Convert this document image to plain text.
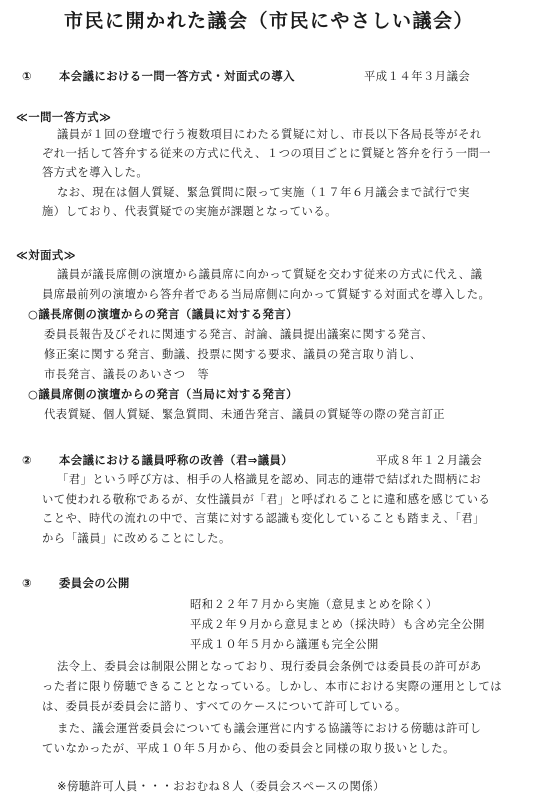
市民に開かれた議会（市民にやさしい議会）
① 本会議における一問一答方式・対面式の導入	平成１４年３月議会
≪一問一答方式≫
議員が１回の登壇で行う複数項目にわたる質疑に対し、市長以下各局長等がそれ
ぞれ一括して答弁する従来の方式に代え、１つの項目ごとに質疑と答弁を行う一問一
答方式を導入した。
なお、現在は個人質疑、緊急質問に限って実施（１７年６月議会まで試行で実
施）しており、代表質疑での実施が課題となっている。
≪対面式≫
議員が議長席側の演壇から議員席に向かって質疑を交わす従来の方式に代え、議
員席最前列の演壇から答弁者である当局席側に向かって質疑する対面式を導入した。
○議長席側の演壇からの発言（議員に対する発言）
委員長報告及びそれに関連する発言、討論、議員提出議案に関する発言、
修正案に関する発言、動議、投票に関する要求、議員の発言取り消し、
市長発言、議長のあいさつ　等
○議員席側の演壇からの発言（当局に対する発言）
代表質疑、個人質疑、緊急質問、未通告発言、議員の質疑等の際の発言訂正
② 本会議における議員呼称の改善（君⇒議員）	平成８年１２月議会
「君」という呼び方は、相手の人格識見を認め、同志的連帯で結ばれた間柄にお
いて使われる敬称であるが、女性議員が「君」と呼ばれることに違和感を感じている
ことや、時代の流れの中で、言葉に対する認識も変化していることも踏まえ、「君」
から「議員」に改めることにした。
③ 委員会の公開
昭和２２年７月から実施（意見まとめを除く）
平成２年９月から意見まとめ（採決時）も含め完全公開
平成１０年５月から議運も完全公開
法令上、委員会は制限公開となっており、現行委員会条例では委員長の許可があ
った者に限り傍聴できることとなっている。しかし、本市における実際の運用としては
は、委員長が委員会に諮り、すべてのケースについて許可している。
また、議会運営委員会についても議会運営に内する協議等における傍聴は許可し
ていなかったが、平成１０年５月から、他の委員会と同様の取り扱いとした。
※傍聴許可人員・・・おおむね８人（委員会スペースの関係）
